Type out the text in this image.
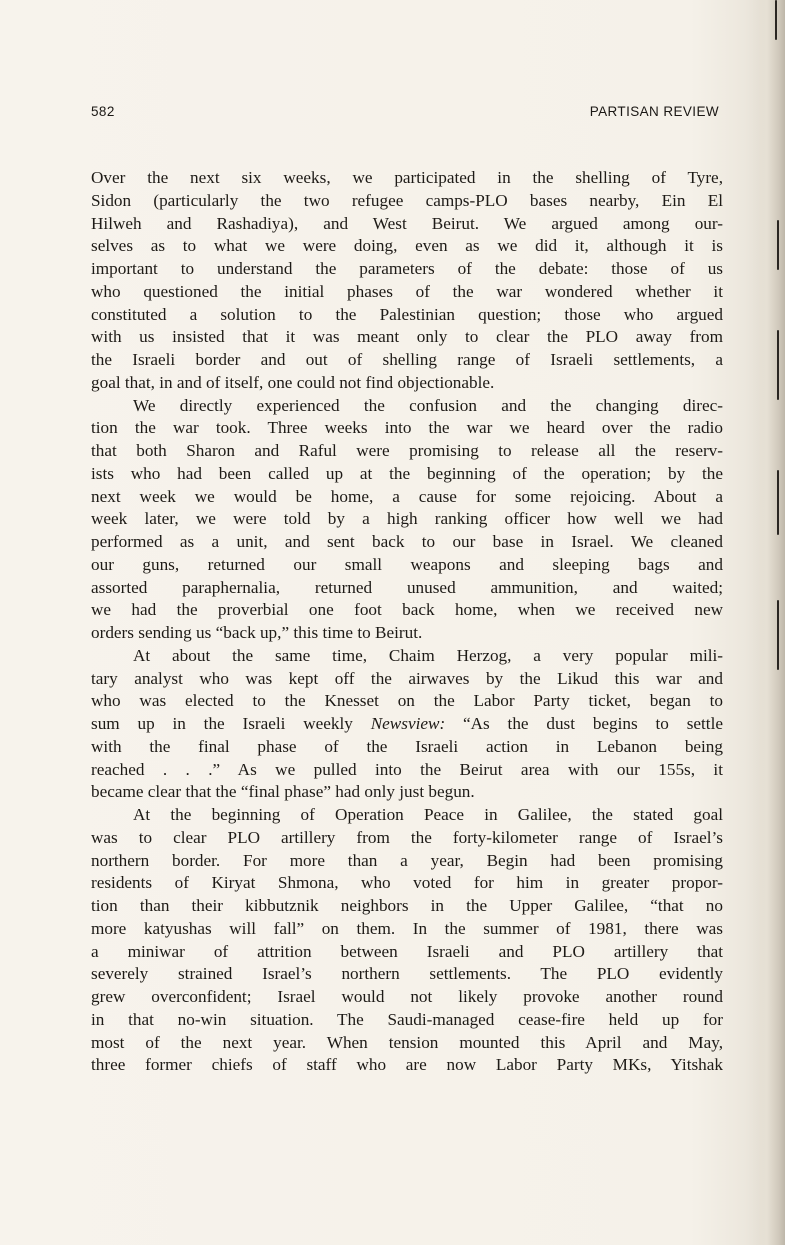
582	PARTISAN REVIEW

Over the next six weeks, we participated in the shelling of Tyre,
Sidon (particularly the two refugee camps-PLO bases nearby, Ein El
Hilweh and Rashadiya), and West Beirut. We argued among our-
selves as to what we were doing, even as we did it, although it is
important to understand the parameters of the debate: those of us
who questioned the initial phases of the war wondered whether it
constituted a solution to the Palestinian question; those who argued
with us insisted that it was meant only to clear the PLO away from
the Israeli border and out of shelling range of Israeli settlements, a
goal that, in and of itself, one could not find objectionable.

We directly experienced the confusion and the changing direc-
tion the war took. Three weeks into the war we heard over the radio
that both Sharon and Raful were promising to release all the reserv-
ists who had been called up at the beginning of the operation; by the
next week we would be home, a cause for some rejoicing. About a
week later, we were told by a high ranking officer how well we had
performed as a unit, and sent back to our base in Israel. We cleaned
our guns, returned our small weapons and sleeping bags and
assorted paraphernalia, returned unused ammunition, and waited;
we had the proverbial one foot back home, when we received new
orders sending us “back up,” this time to Beirut.

At about the same time, Chaim Herzog, a very popular mili-
tary analyst who was kept off the airwaves by the Likud this war and
who was elected to the Knesset on the Labor Party ticket, began to
sum up in the Israeli weekly Newsview: “As the dust begins to settle
with the final phase of the Israeli action in Lebanon being
reached . . .” As we pulled into the Beirut area with our 155s, it
became clear that the “final phase” had only just begun.

At the beginning of Operation Peace in Galilee, the stated goal
was to clear PLO artillery from the forty-kilometer range of Israel’s
northern border. For more than a year, Begin had been promising
residents of Kiryat Shmona, who voted for him in greater propor-
tion than their kibbutznik neighbors in the Upper Galilee, “that no
more katyushas will fall” on them. In the summer of 1981, there was
a miniwar of attrition between Israeli and PLO artillery that
severely strained Israel’s northern settlements. The PLO evidently
grew overconfident; Israel would not likely provoke another round
in that no-win situation. The Saudi-managed cease-fire held up for
most of the next year. When tension mounted this April and May,
three former chiefs of staff who are now Labor Party MKs, Yitshak
